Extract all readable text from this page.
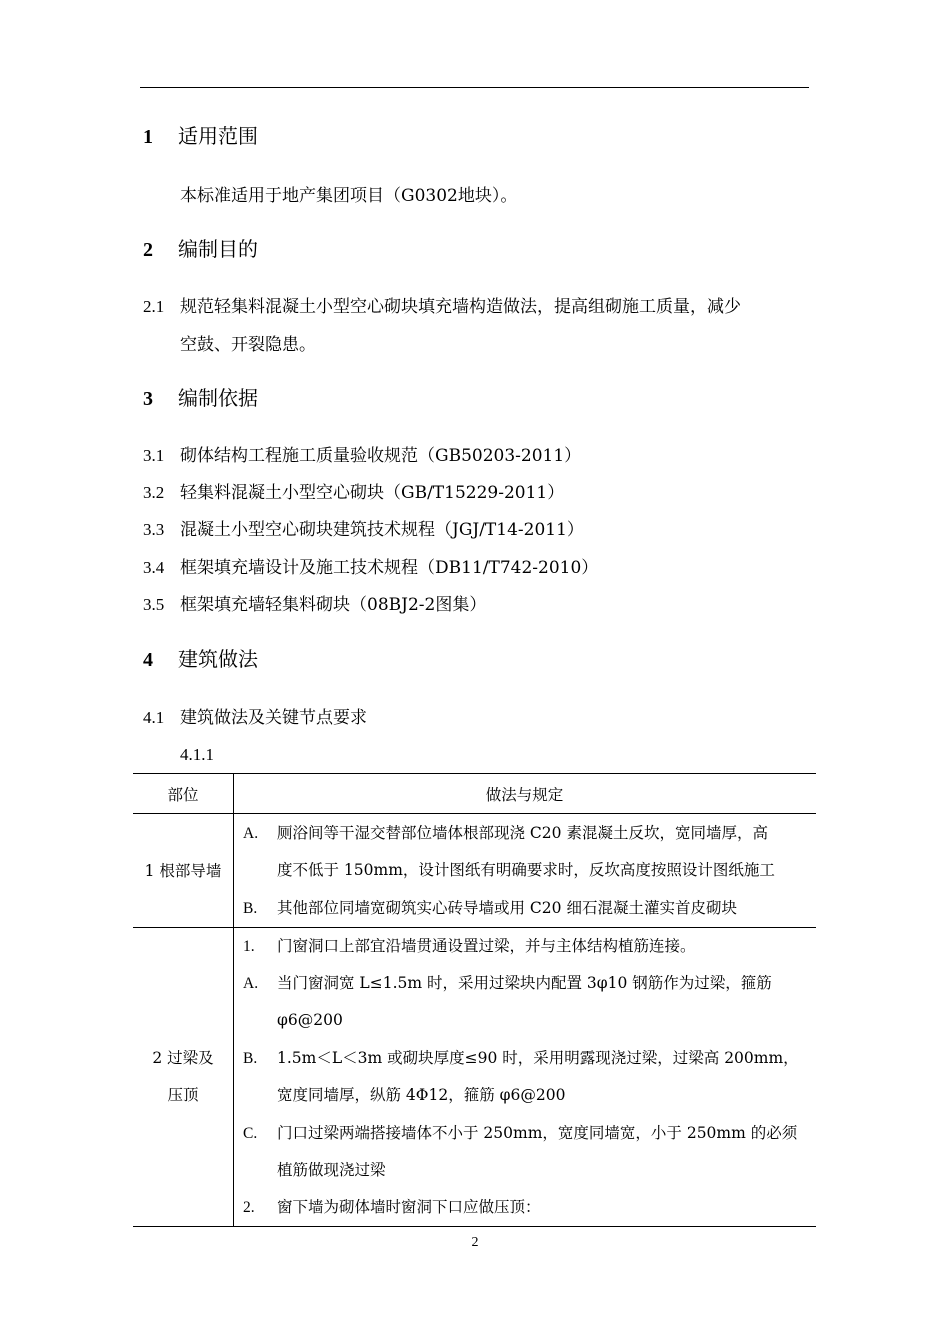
1 适用范围
本标准适用于地产集团项目（G0302地块）。
2 编制目的
2.1 规范轻集料混凝土小型空心砌块填充墙构造做法，提高组砌施工质量，减少
空鼓、开裂隐患。
3 编制依据
3.1 砌体结构工程施工质量验收规范（GB50203-2011）
3.2 轻集料混凝土小型空心砌块（GB/T15229-2011）
3.3 混凝土小型空心砌块建筑技术规程（JGJ/T14-2011）
3.4 框架填充墙设计及施工技术规程（DB11/T742-2010）
3.5 框架填充墙轻集料砌块（08BJ2-2图集）
4 建筑做法
4.1 建筑做法及关键节点要求
4.1.1
部位	做法与规定
1 根部导墙
A. 厕浴间等干湿交替部位墙体根部现浇 C20 素混凝土反坎，宽同墙厚，高
度不低于 150mm，设计图纸有明确要求时，反坎高度按照设计图纸施工
B. 其他部位同墙宽砌筑实心砖导墙或用 C20 细石混凝土灌实首皮砌块
2 过梁及
压顶
1. 门窗洞口上部宜沿墙贯通设置过梁，并与主体结构植筋连接。
A. 当门窗洞宽 L≤1.5m 时，采用过梁块内配置 3φ10 钢筋作为过梁，箍筋
φ6@200
B. 1.5m＜L＜3m 或砌块厚度≤90 时，采用明露现浇过梁，过梁高 200mm，
宽度同墙厚，纵筋 4Φ12，箍筋 φ6@200
C. 门口过梁两端搭接墙体不小于 250mm，宽度同墙宽，小于 250mm 的必须
植筋做现浇过梁
2. 窗下墙为砌体墙时窗洞下口应做压顶：
2
